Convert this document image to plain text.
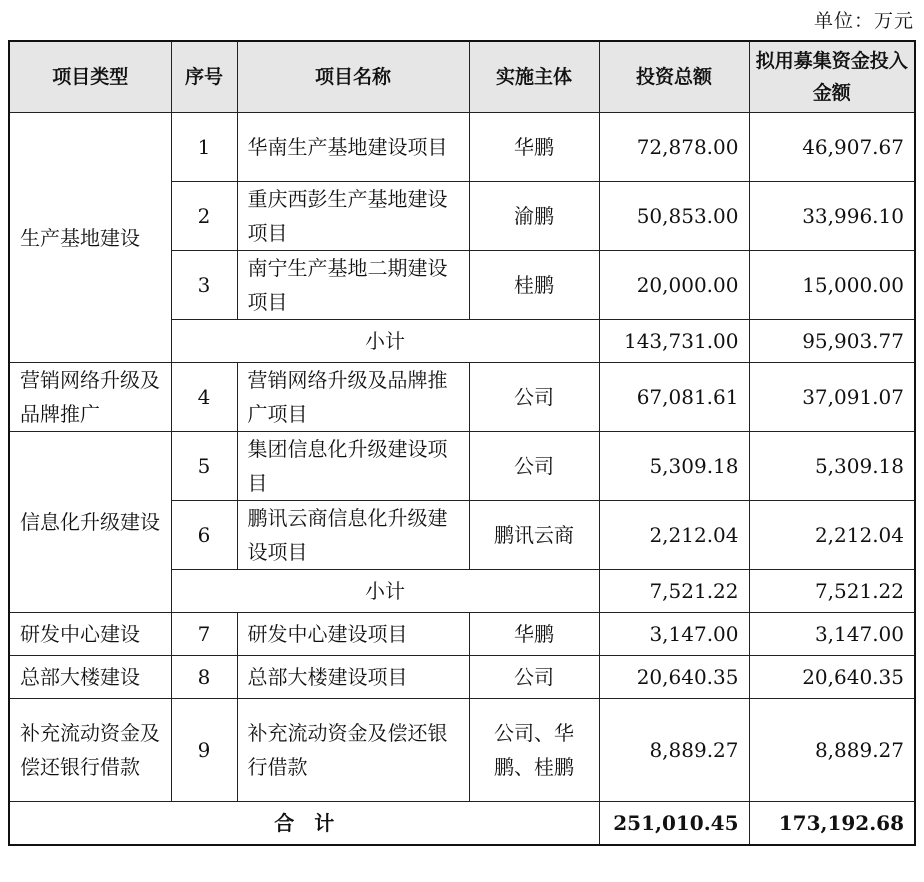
单位：万元
项目类型	序号	项目名称	实施主体	投资总额	拟用募集资金投入金额
生产基地建设	1	华南生产基地建设项目	华鹏	72,878.00	46,907.67
	2	重庆西彭生产基地建设项目	渝鹏	50,853.00	33,996.10
	3	南宁生产基地二期建设项目	桂鹏	20,000.00	15,000.00
	小计			143,731.00	95,903.77
营销网络升级及品牌推广	4	营销网络升级及品牌推广项目	公司	67,081.61	37,091.07
信息化升级建设	5	集团信息化升级建设项目	公司	5,309.18	5,309.18
	6	鹏讯云商信息化升级建设项目	鹏讯云商	2,212.04	2,212.04
	小计			7,521.22	7,521.22
研发中心建设	7	研发中心建设项目	华鹏	3,147.00	3,147.00
总部大楼建设	8	总部大楼建设项目	公司	20,640.35	20,640.35
补充流动资金及偿还银行借款	9	补充流动资金及偿还银行借款	公司、华鹏、桂鹏	8,889.27	8,889.27
合　计				251,010.45	173,192.68
